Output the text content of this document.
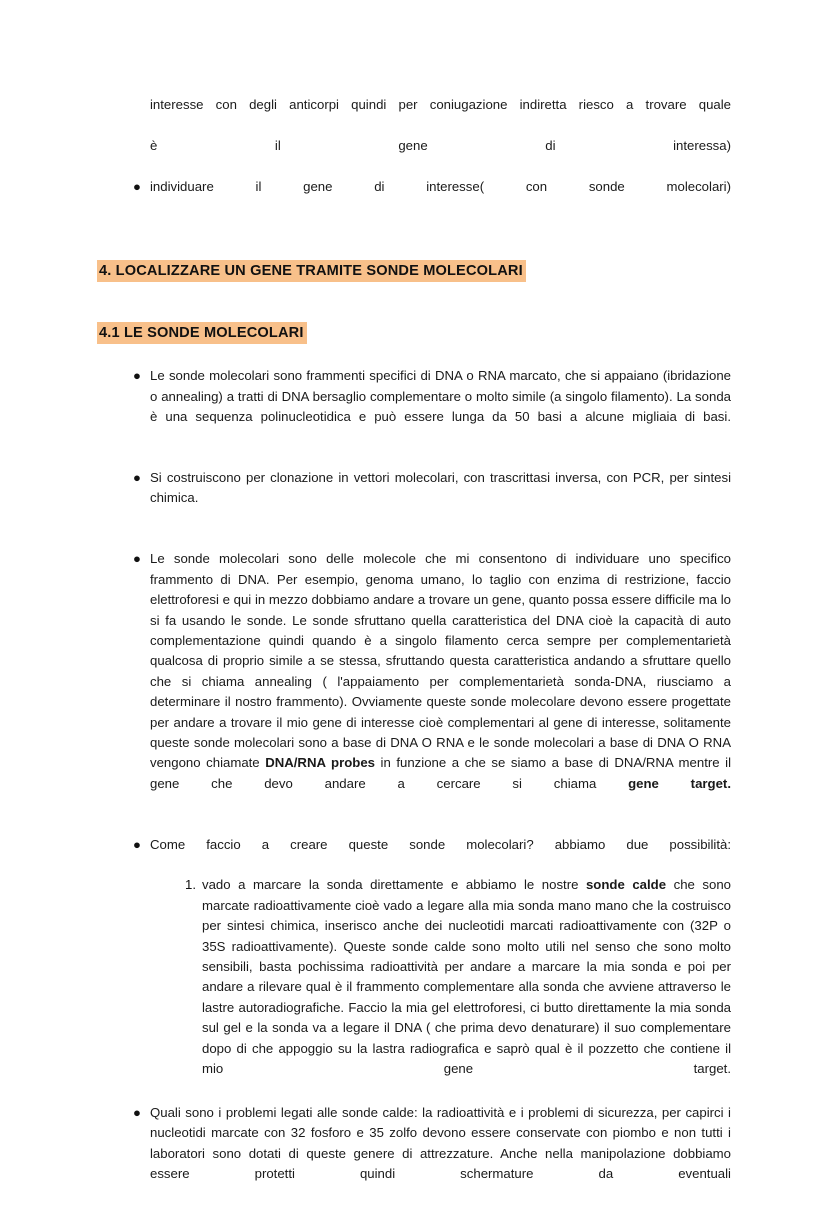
interesse con degli anticorpi quindi per coniugazione indiretta riesco a trovare quale

è il gene di interessa)

● individuare il gene di interesse( con sonde molecolari)
4. LOCALIZZARE UN GENE TRAMITE SONDE MOLECOLARI
4.1 LE SONDE MOLECOLARI
● Le sonde molecolari sono frammenti specifici di DNA o RNA marcato, che si appaiano (ibridazione o annealing) a tratti di DNA bersaglio complementare o molto simile (a singolo filamento). La sonda è una sequenza polinucleotidica e può essere lunga da 50 basi a alcune migliaia di basi.
● Si costruiscono per clonazione in vettori molecolari, con trascrittasi inversa, con PCR, per sintesi chimica.
● Le sonde molecolari sono delle molecole che mi consentono di individuare uno specifico frammento di DNA. Per esempio, genoma umano, lo taglio con enzima di restrizione, faccio elettroforesi e qui in mezzo dobbiamo andare a trovare un gene, quanto possa essere difficile ma lo si fa usando le sonde. Le sonde sfruttano quella caratteristica del DNA cioè la capacità di auto complementazione quindi quando è a singolo filamento cerca sempre per complementarietà qualcosa di proprio simile a se stessa, sfruttando questa caratteristica andando a sfruttare quello che si chiama annealing ( l'appaiamento per complementarietà sonda-DNA, riusciamo a determinare il nostro frammento). Ovviamente queste sonde molecolare devono essere progettate per andare a trovare il mio gene di interesse cioè complementari al gene di interesse, solitamente queste sonde molecolari sono a base di DNA O RNA e le sonde molecolari a base di DNA O RNA vengono chiamate DNA/RNA probes in funzione a che se siamo a base di DNA/RNA mentre il gene che devo andare a cercare si chiama gene target.
● Come faccio a creare queste sonde molecolari? abbiamo due possibilità:
1. vado a marcare la sonda direttamente e abbiamo le nostre sonde calde che sono marcate radioattivamente cioè vado a legare alla mia sonda mano mano che la costruisco per sintesi chimica, inserisco anche dei nucleotidi marcati radioattivamente con (32P o 35S radioattivamente). Queste sonde calde sono molto utili nel senso che sono molto sensibili, basta pochissima radioattività per andare a marcare la mia sonda e poi per andare a rilevare qual è il frammento complementare alla sonda che avviene attraverso le lastre autoradiografiche. Faccio la mia gel elettroforesi, ci butto direttamente la mia sonda sul gel e la sonda va a legare il DNA ( che prima devo denaturare) il suo complementare dopo di che appoggio su la lastra radiografica e saprò qual è il pozzetto che contiene il mio gene target.
● Quali sono i problemi legati alle sonde calde: la radioattività e i problemi di sicurezza, per capirci i nucleotidi marcate con 32 fosforo e 35 zolfo devono essere conservate con piombo e non tutti i laboratori sono dotati di queste genere di attrezzature. Anche nella manipolazione dobbiamo essere protetti quindi schermature da eventuali
